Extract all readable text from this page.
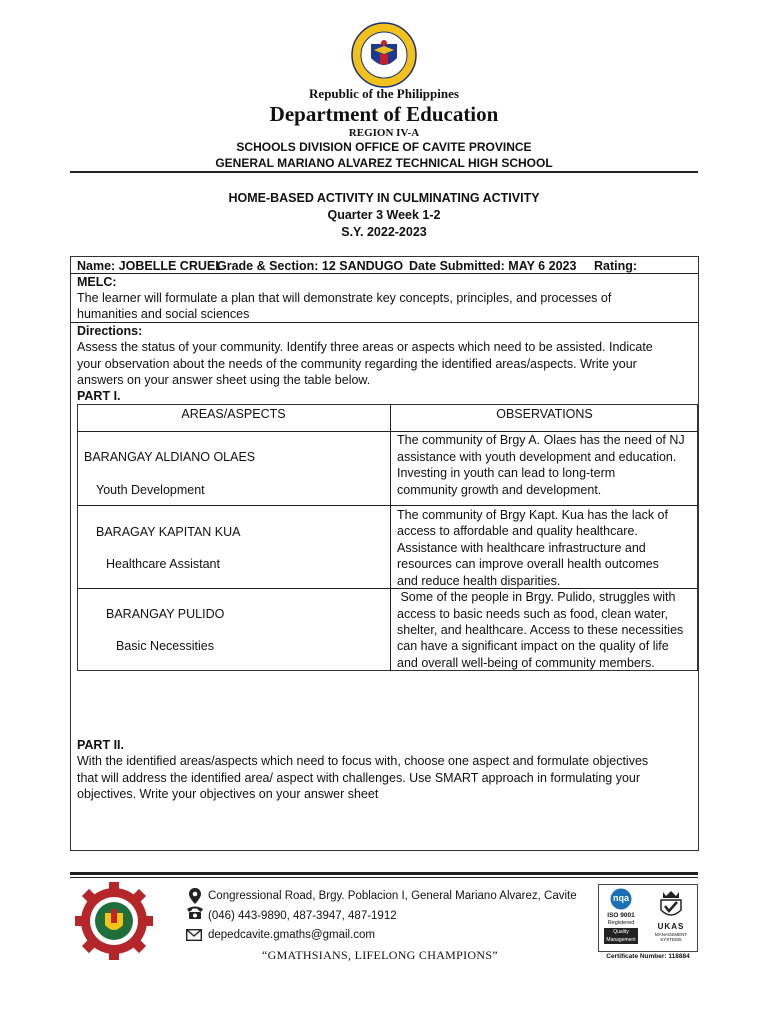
Republic of the Philippines
Department of Education
REGION IV-A
SCHOOLS DIVISION OFFICE OF CAVITE PROVINCE
GENERAL MARIANO ALVAREZ TECHNICAL HIGH SCHOOL
HOME-BASED ACTIVITY IN CULMINATING ACTIVITY
Quarter 3 Week 1-2
S.Y. 2022-2023
Name: JOBELLE CRUEL
Grade & Section: 12 SANDUGO Date Submitted: MAY 6 2023 Rating:
MELC:
The learner will formulate a plan that will demonstrate key concepts, principles, and processes of
humanities and social sciences
Directions:
Assess the status of your community. Identify three areas or aspects which need to be assisted. Indicate
your observation about the needs of the community regarding the identified areas/aspects. Write your
answers on your answer sheet using the table below.
PART I.
AREAS/ASPECTS	OBSERVATIONS
BARANGAY ALDIANO OLAES
Youth Development
The community of Brgy A. Olaes has the need of NJ
assistance with youth development and education.
Investing in youth can lead to long-term
community growth and development.
BARAGAY KAPITAN KUA
Healthcare Assistant
The community of Brgy Kapt. Kua has the lack of
access to affordable and quality healthcare.
Assistance with healthcare infrastructure and
resources can improve overall health outcomes
and reduce health disparities.
BARANGAY PULIDO
Basic Necessities
Some of the people in Brgy. Pulido, struggles with
access to basic needs such as food, clean water,
shelter, and healthcare. Access to these necessities
can have a significant impact on the quality of life
and overall well-being of community members.
PART II.
With the identified areas/aspects which need to focus with, choose one aspect and formulate objectives
that will address the identified area/ aspect with challenges. Use SMART approach in formulating your
objectives. Write your objectives on your answer sheet
Congressional Road, Brgy. Poblacion I, General Mariano Alvarez, Cavite
(046) 443-9890, 487-3947, 487-1912
depedcavite.gmaths@gmail.com
“GMATHSIANS, LIFELONG CHAMPIONS”
nqa
ISO 9001
Registered
Quality Management
UKAS
MANAGEMENT SYSTEMS
Certificate Number: 118884
